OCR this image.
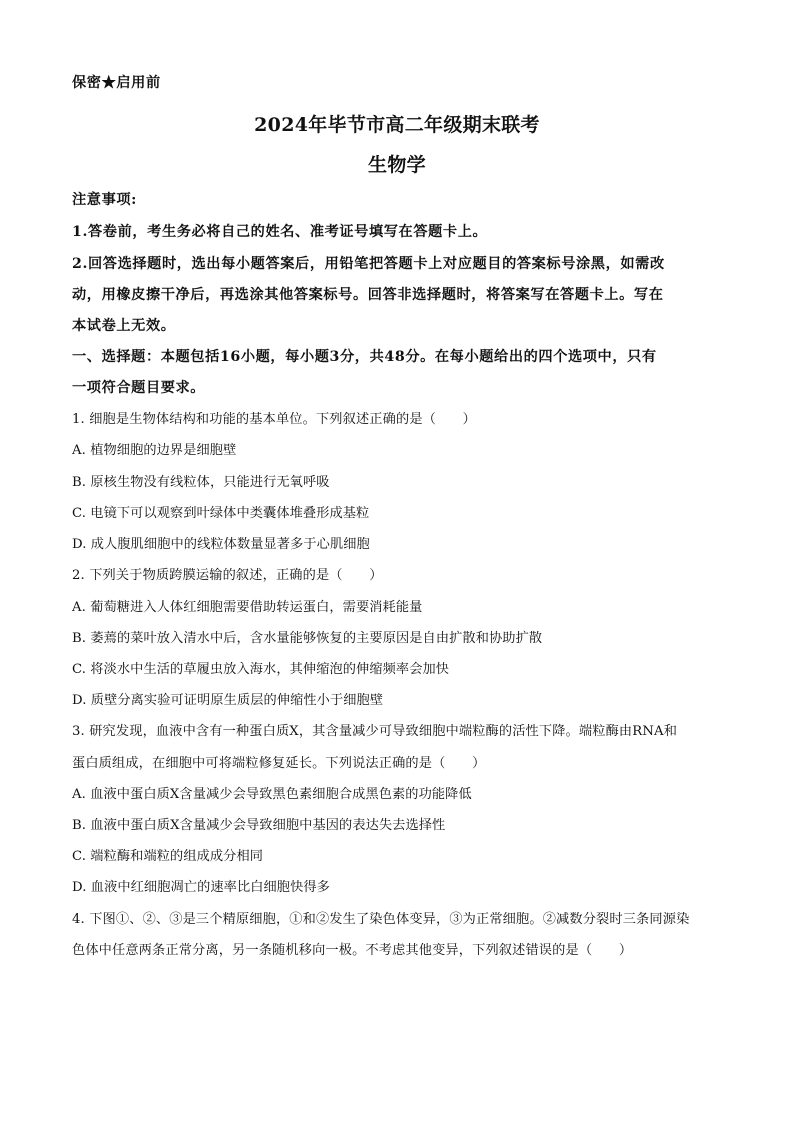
保密★启用前
2024年毕节市高二年级期末联考
生物学
注意事项:
1.答卷前，考生务必将自己的姓名、准考证号填写在答题卡上。
2.回答选择题时，选出每小题答案后，用铅笔把答题卡上对应题目的答案标号涂黑，如需改
动，用橡皮擦干净后，再选涂其他答案标号。回答非选择题时，将答案写在答题卡上。写在
本试卷上无效。
一、选择题：本题包括16小题，每小题3分，共48分。在每小题给出的四个选项中，只有
一项符合题目要求。
1. 细胞是生物体结构和功能的基本单位。下列叙述正确的是（　　）
A. 植物细胞的边界是细胞壁
B. 原核生物没有线粒体，只能进行无氧呼吸
C. 电镜下可以观察到叶绿体中类囊体堆叠形成基粒
D. 成人腹肌细胞中的线粒体数量显著多于心肌细胞
2. 下列关于物质跨膜运输的叙述，正确的是（　　）
A. 葡萄糖进入人体红细胞需要借助转运蛋白，需要消耗能量
B. 萎蔫的菜叶放入清水中后，含水量能够恢复的主要原因是自由扩散和协助扩散
C. 将淡水中生活的草履虫放入海水，其伸缩泡的伸缩频率会加快
D. 质壁分离实验可证明原生质层的伸缩性小于细胞壁
3. 研究发现，血液中含有一种蛋白质X，其含量减少可导致细胞中端粒酶的活性下降。端粒酶由RNA和
蛋白质组成，在细胞中可将端粒修复延长。下列说法正确的是（　　）
A. 血液中蛋白质X含量减少会导致黑色素细胞合成黑色素的功能降低
B. 血液中蛋白质X含量减少会导致细胞中基因的表达失去选择性
C. 端粒酶和端粒的组成成分相同
D. 血液中红细胞凋亡的速率比白细胞快得多
4. 下图①、②、③是三个精原细胞，①和②发生了染色体变异，③为正常细胞。②减数分裂时三条同源染
色体中任意两条正常分离，另一条随机移向一极。不考虑其他变异，下列叙述错误的是（　　）
